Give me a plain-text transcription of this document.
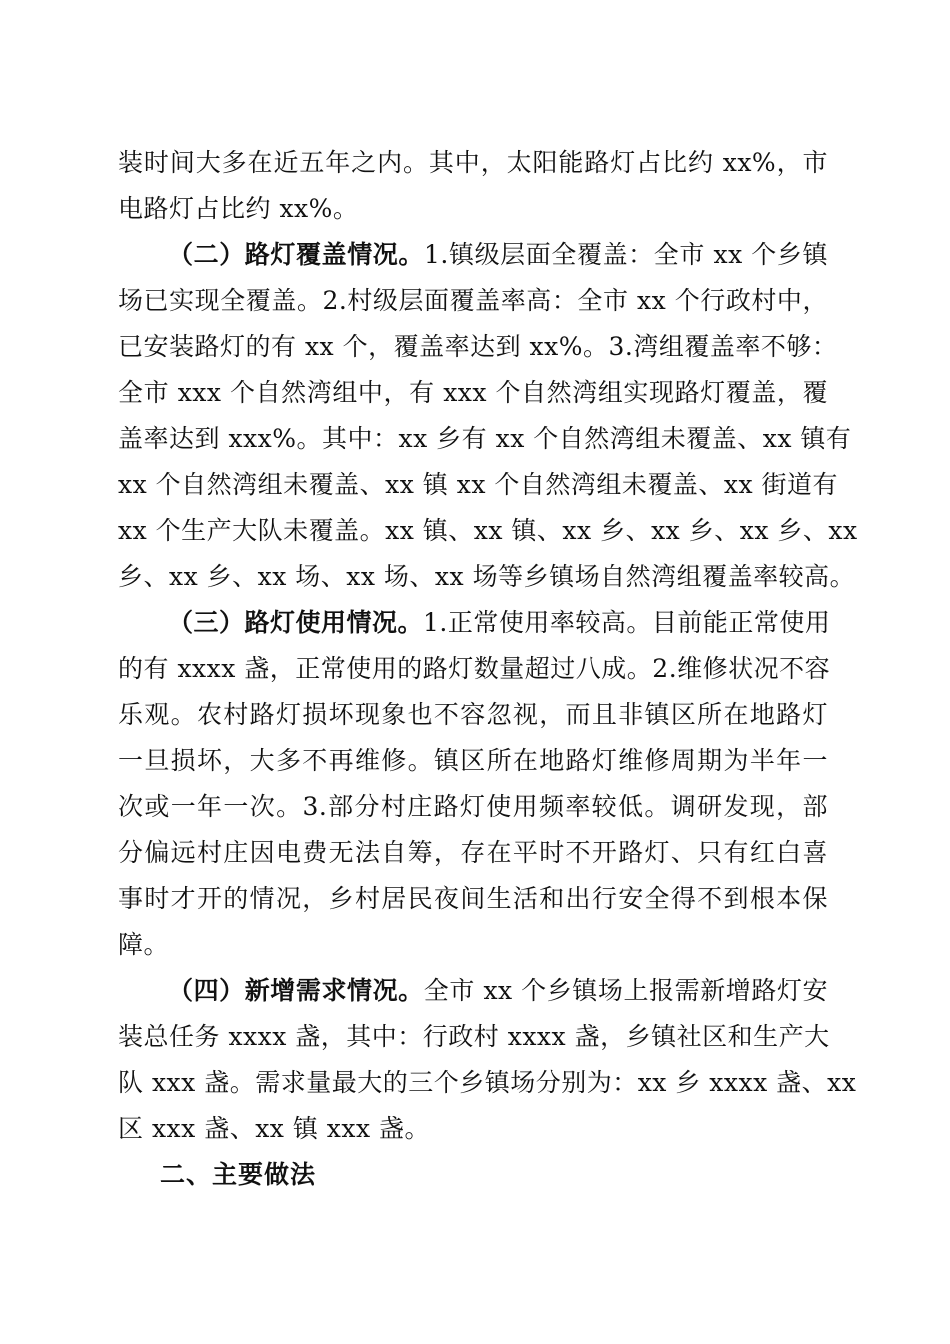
装时间大多在近五年之内。其中，太阳能路灯占比约 xx%，市
电路灯占比约 xx%。
（二）路灯覆盖情况。1.镇级层面全覆盖：全市 xx 个乡镇
场已实现全覆盖。2.村级层面覆盖率高：全市 xx 个行政村中，
已安装路灯的有 xx 个，覆盖率达到 xx%。3.湾组覆盖率不够：
全市 xxx 个自然湾组中，有 xxx 个自然湾组实现路灯覆盖，覆
盖率达到 xxx%。其中：xx 乡有 xx 个自然湾组未覆盖、xx 镇有
xx 个自然湾组未覆盖、xx 镇 xx 个自然湾组未覆盖、xx 街道有
xx 个生产大队未覆盖。xx 镇、xx 镇、xx 乡、xx 乡、xx 乡、xx
乡、xx 乡、xx 场、xx 场、xx 场等乡镇场自然湾组覆盖率较高。
（三）路灯使用情况。1.正常使用率较高。目前能正常使用
的有 xxxx 盏，正常使用的路灯数量超过八成。2.维修状况不容
乐观。农村路灯损坏现象也不容忽视，而且非镇区所在地路灯
一旦损坏，大多不再维修。镇区所在地路灯维修周期为半年一
次或一年一次。3.部分村庄路灯使用频率较低。调研发现，部
分偏远村庄因电费无法自筹，存在平时不开路灯、只有红白喜
事时才开的情况，乡村居民夜间生活和出行安全得不到根本保
障。
（四）新增需求情况。全市 xx 个乡镇场上报需新增路灯安
装总任务 xxxx 盏，其中：行政村 xxxx 盏，乡镇社区和生产大
队 xxx 盏。需求量最大的三个乡镇场分别为：xx 乡 xxxx 盏、xx
区 xxx 盏、xx 镇 xxx 盏。
二、主要做法
